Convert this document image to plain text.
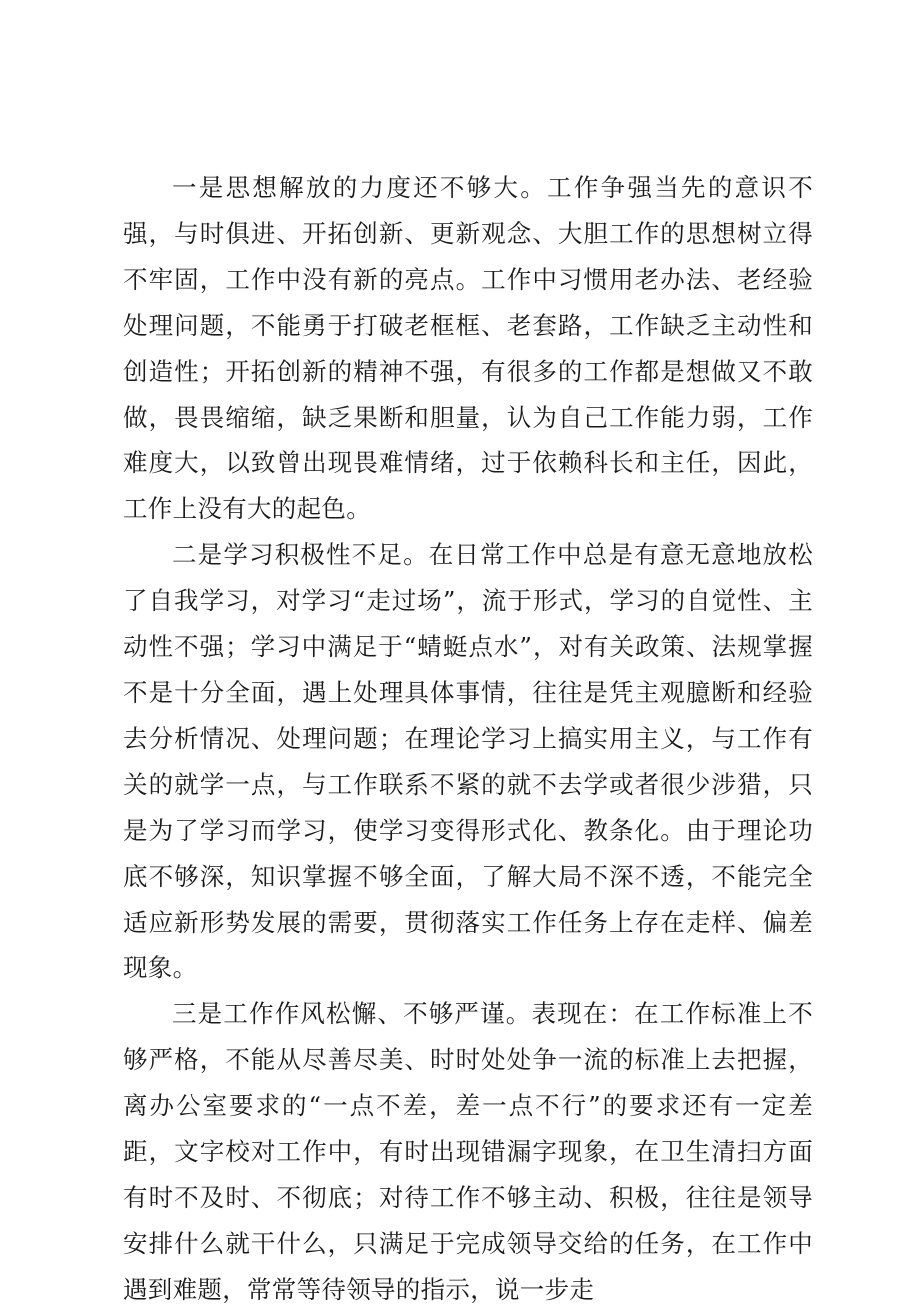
一是思想解放的力度还不够大。工作争强当先的意识不强，与时俱进、开拓创新、更新观念、大胆工作的思想树立得不牢固，工作中没有新的亮点。工作中习惯用老办法、老经验处理问题，不能勇于打破老框框、老套路，工作缺乏主动性和创造性；开拓创新的精神不强，有很多的工作都是想做又不敢做，畏畏缩缩，缺乏果断和胆量，认为自己工作能力弱，工作难度大，以致曾出现畏难情绪，过于依赖科长和主任，因此，工作上没有大的起色。

二是学习积极性不足。在日常工作中总是有意无意地放松了自我学习，对学习“走过场”，流于形式，学习的自觉性、主动性不强；学习中满足于“蜻蜓点水”，对有关政策、法规掌握不是十分全面，遇上处理具体事情，往往是凭主观臆断和经验去分析情况、处理问题；在理论学习上搞实用主义，与工作有关的就学一点，与工作联系不紧的就不去学或者很少涉猎，只是为了学习而学习，使学习变得形式化、教条化。由于理论功底不够深，知识掌握不够全面，了解大局不深不透，不能完全适应新形势发展的需要，贯彻落实工作任务上存在走样、偏差现象。

三是工作作风松懈、不够严谨。表现在：在工作标准上不够严格，不能从尽善尽美、时时处处争一流的标准上去把握，离办公室要求的“一点不差，差一点不行”的要求还有一定差距，文字校对工作中，有时出现错漏字现象，在卫生清扫方面有时不及时、不彻底；对待工作不够主动、积极，往往是领导安排什么就干什么，只满足于完成领导交给的任务，在工作中遇到难题，常常等待领导的指示，说一步走
